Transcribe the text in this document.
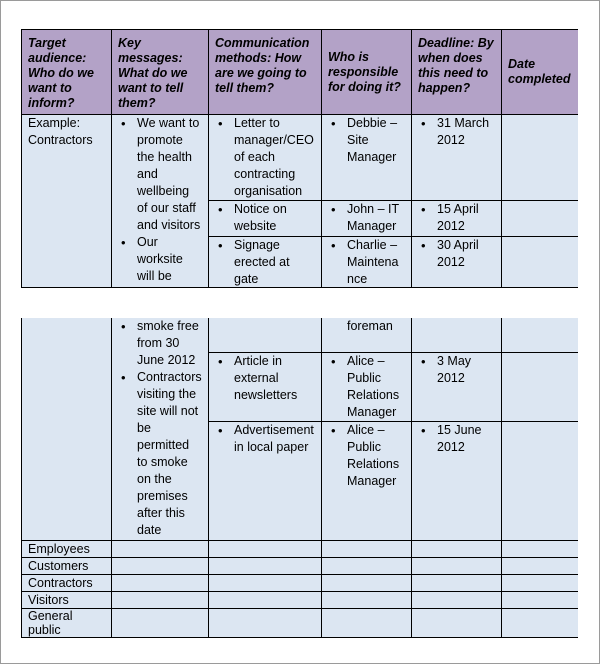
Target audience: Who do we want to inform?
Key messages: What do we want to tell them?
Communication methods: How are we going to tell them?
Who is responsible for doing it?
Deadline: By when does this need to happen?
Date completed
Example: Contractors
• We want to promote the health and wellbeing of our staff and visitors
• Our worksite will be
• Letter to manager/CEO of each contracting organisation
• Notice on website
• Signage erected at gate
• Debbie – Site Manager
• John – IT Manager
• Charlie – Maintenance
• 31 March 2012
• 15 April 2012
• 30 April 2012
• smoke free from 30 June 2012
• Contractors visiting the site will not be permitted to smoke on the premises after this date
foreman
• Article in external newsletters
• Alice – Public Relations Manager
• 3 May 2012
• Advertisement in local paper
• Alice – Public Relations Manager
• 15 June 2012
Employees
Customers
Contractors
Visitors
General public
